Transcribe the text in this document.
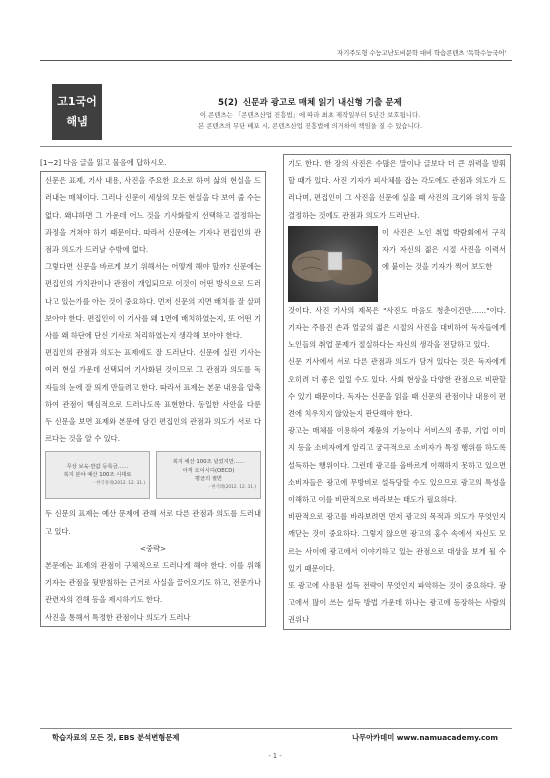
자기주도형 수능고난도비문학 대비 학습콘텐츠 '독학수능국어'
고1국어
해냄
5(2) 신문과 광고로 매체 읽기 내신형 기출 문제
이 콘텐츠는 「콘텐츠산업 진흥법」에 따라 최초 제작일부터 5년간 보호됩니다.
본 콘텐츠의 무단 배포 시, 콘텐츠산업 진흥법에 의거하여 책임을 질 수 있습니다.

[1~2] 다음 글을 읽고 물음에 답하시오.

신문은 표제, 기사 내용, 사진을 주요한 요소로 하여 삶의 현실을 드러내는 매체이다. 그러나 신문이 세상의 모든 현실을 다 보여 줄 수는 없다. 왜냐하면 그 가운데 어느 것을 기사화할지 선택하고 결정하는 과정을 거쳐야 하기 때문이다. 따라서 신문에는 기자나 편집인의 관점과 의도가 드러날 수밖에 없다.

그렇다면 신문을 바르게 보기 위해서는 어떻게 해야 할까? 신문에는 편집인의 가치관이나 관점이 개입되므로 이것이 어떤 방식으로 드러나고 있는가를 아는 것이 중요하다. 먼저 신문의 지면 배치를 잘 살펴보아야 한다. 편집인이 이 기사를 왜 1면에 배치하였는지, 또 어떤 기사를 왜 하단에 단신 기사로 처리하였는지 생각해 보아야 한다.

편집인의 관점과 의도는 표제에도 잘 드러난다. 신문에 실린 기사는 여러 현실 가운데 선택되어 기사화된 것이므로 그 관점과 의도를 독자들의 눈에 잘 띄게 만들려고 한다. 따라서 표제는 본문 내용을 압축하여 관점이 핵심적으로 드러나도록 표현한다. 동일한 사안을 다룬 두 신문을 보면 표제와 본문에 담긴 편집인의 관점과 의도가 서로 다르다는 것을 알 수 있다.

무상 보육·반값 등록금……
복지 분야 예산 100조 시대로
- 한국경제(2012. 12. 31.)
복지 예산 100조 넘었지만……
아직 오이시디(OECD)
평균의 절반
- 한겨레(2012. 12. 31.)

두 신문의 표제는 예산 문제에 관해 서로 다른 관점과 의도를 드러내고 있다.

<중략>

본문에는 표제의 관점이 구체적으로 드러나게 해야 한다. 이를 위해 기자는 관점을 뒷받침하는 근거로 사실을 끌어오기도 하고, 전문가나 관련자의 견해 등을 제시하기도 한다.

사진을 통해서 특정한 관점이나 의도가 드러나

기도 한다. 한 장의 사진은 수많은 말이나 글보다 더 큰 위력을 발휘할 때가 있다. 사진 기자가 피사체를 잡는 각도에도 관점과 의도가 드러나며, 편집인이 그 사진을 신문에 실을 때 사진의 크기와 위치 등을 결정하는 것에도 관점과 의도가 드러난다.

이 사진은 노인 취업 박람회에서 구직자가 자신의 젊은 시절 사진을 이력서에 붙이는 것을 기자가 찍어 보도한

것이다. 사진 기사의 제목은 "사진도 마음도 청춘이건만……"이다. 기자는 주름진 손과 얼굴의 젊은 시절의 사진을 대비하여 독자들에게 노인들의 취업 문제가 절실하다는 자신의 생각을 전달하고 있다.

신문 기사에서 서로 다른 관점과 의도가 담겨 있다는 것은 독자에게 오히려 더 좋은 일일 수도 있다. 사회 현상을 다양한 관점으로 비판할 수 있기 때문이다. 독자는 신문을 읽을 때 신문의 관점이나 내용이 편견에 치우치지 않았는지 판단해야 한다.

광고는 매체를 이용하여 제품의 기능이나 서비스의 종류, 기업 이미지 등을 소비자에게 알리고 궁극적으로 소비자가 특정 행위를 하도록 설득하는 행위이다. 그런데 광고를 올바르게 이해하지 못하고 있으면 소비자들은 광고에 무방비로 설득당할 수도 있으므로 광고의 특성을 이해하고 이를 비판적으로 바라보는 태도가 필요하다.

비판적으로 광고를 바라보려면 먼저 광고의 목적과 의도가 무엇인지 깨닫는 것이 중요하다. 그렇지 않으면 광고의 홍수 속에서 자신도 모르는 사이에 광고에서 이야기하고 있는 관점으로 대상을 보게 될 수 있기 때문이다.

또 광고에 사용된 설득 전략이 무엇인지 파악하는 것이 중요하다. 광고에서 많이 쓰는 설득 방법 가운데 하나는 광고에 등장하는 사람의 권위나

학습자료의 모든 것, EBS 분석변형문제	나무아카데미 www.namuacademy.com
- 1 -
